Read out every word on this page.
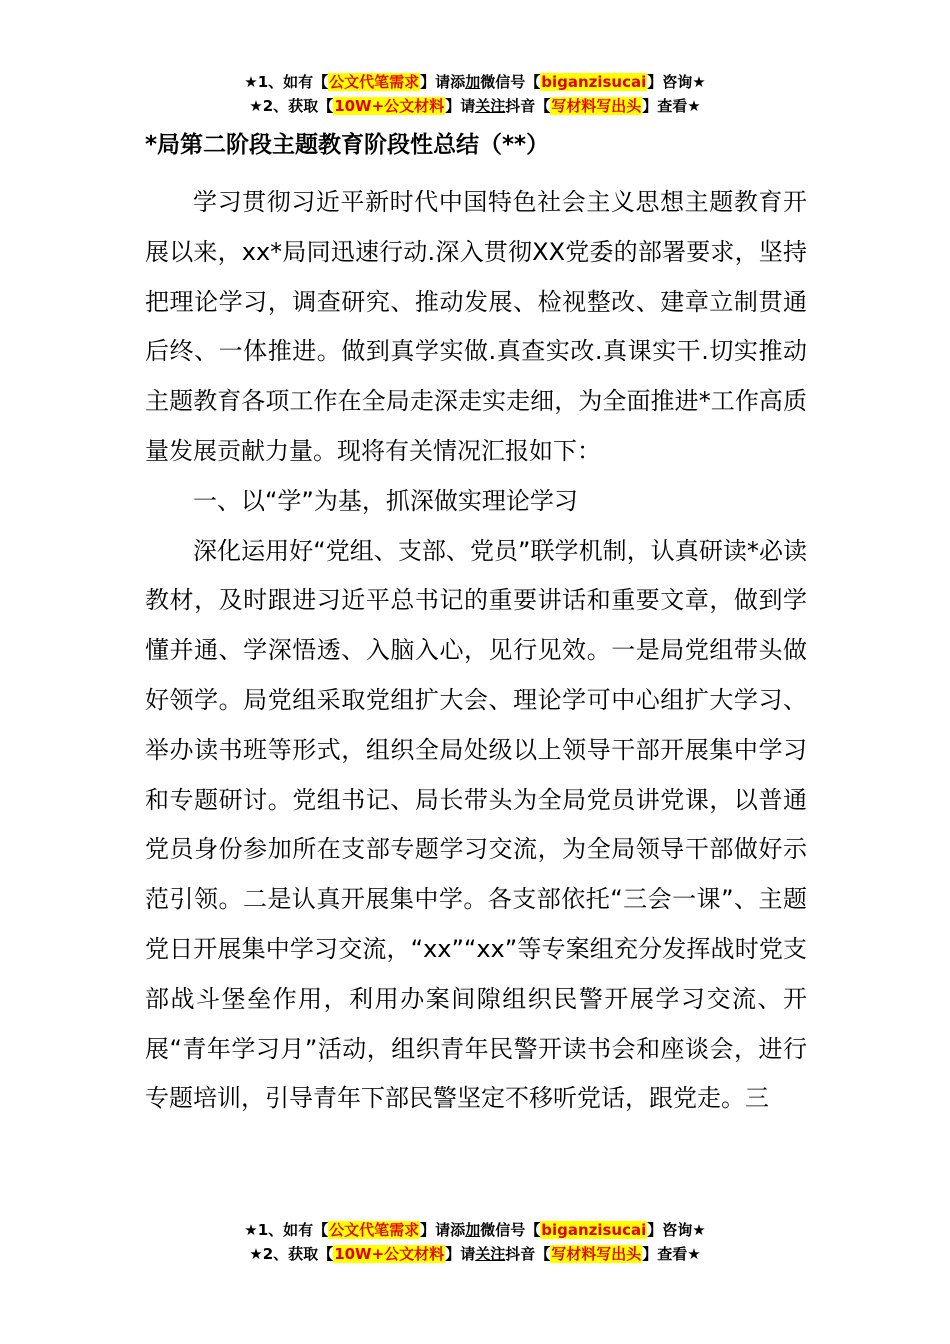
★1、如有【公文代笔需求】请添加微信号【biganzisucai】咨询★
★2、获取【10W+公文材料】请关注抖音【写材料写出头】查看★
*局第二阶段主题教育阶段性总结（**）

学习贯彻习近平新时代中国特色社会主义思想主题教育开展以来，xx*局同迅速行动.深入贯彻XX党委的部署要求，坚持把理论学习，调查研究、推动发展、检视整改、建章立制贯通后终、一体推进。做到真学实做.真查实改.真课实干.切实推动主题教育各项工作在全局走深走实走细，为全面推进*工作高质量发展贡献力量。现将有关情况汇报如下：

一、以“学”为基，抓深做实理论学习

深化运用好“党组、支部、党员”联学机制，认真研读*必读教材，及时跟进习近平总书记的重要讲话和重要文章，做到学懂并通、学深悟透、入脑入心，见行见效。一是局党组带头做好领学。局党组采取党组扩大会、理论学可中心组扩大学习、举办读书班等形式，组织全局处级以上领导干部开展集中学习和专题研讨。党组书记、局长带头为全局党员讲党课，以普通党员身份参加所在支部专题学习交流，为全局领导干部做好示范引领。二是认真开展集中学。各支部依托“三会一课”、主题党日开展集中学习交流，“xx”“xx”等专案组充分发挥战时党支部战斗堡垒作用，利用办案间隙组织民警开展学习交流、开展“青年学习月”活动，组织青年民警开读书会和座谈会，进行专题培训，引导青年下部民警坚定不移听党话，跟党走。三

★1、如有【公文代笔需求】请添加微信号【biganzisucai】咨询★
★2、获取【10W+公文材料】请关注抖音【写材料写出头】查看★
